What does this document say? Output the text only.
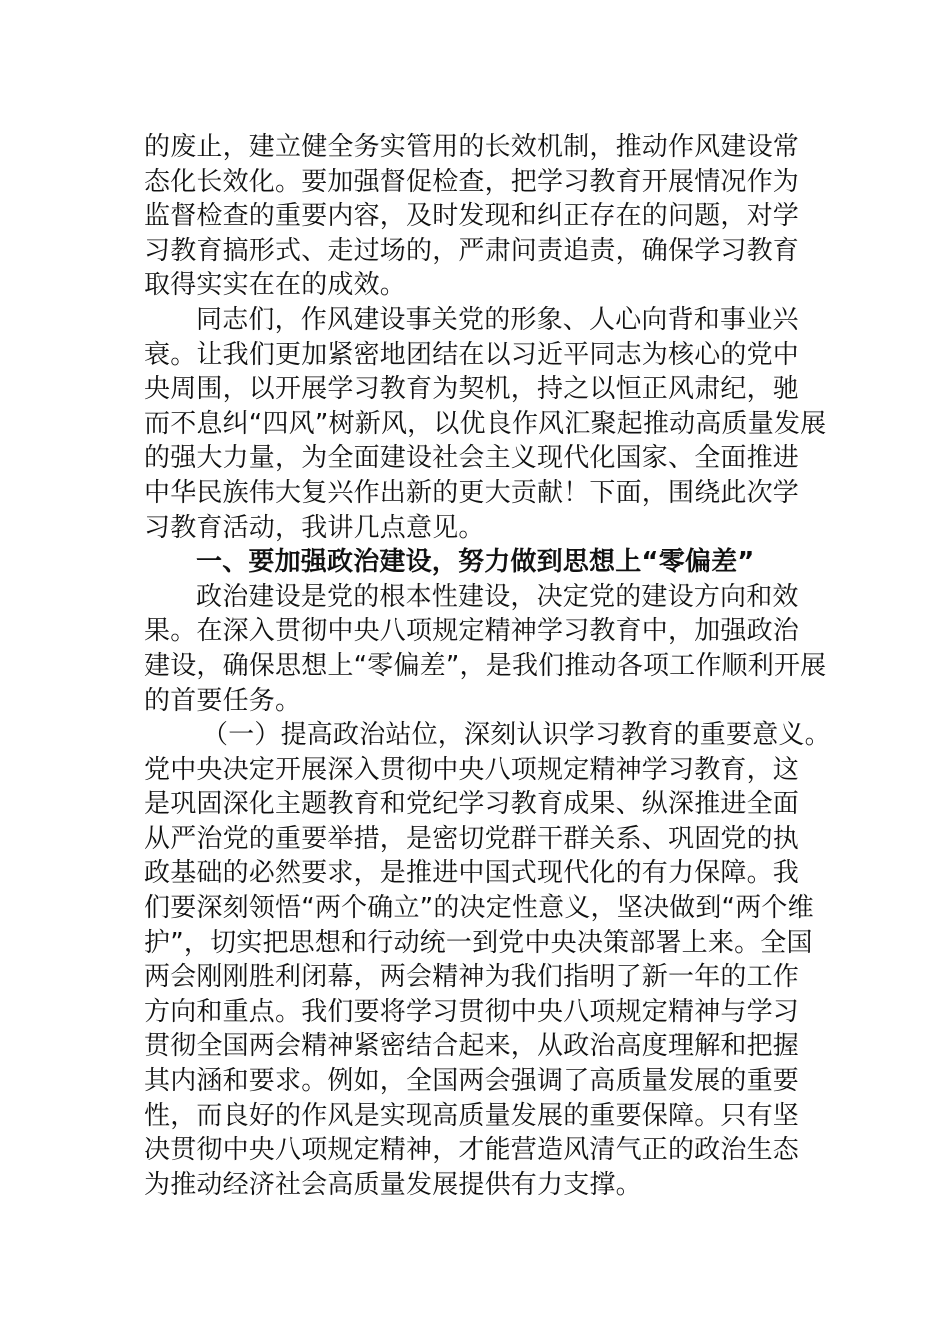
的废止，建立健全务实管用的长效机制，推动作风建设常
态化长效化。要加强督促检查，把学习教育开展情况作为
监督检查的重要内容，及时发现和纠正存在的问题，对学
习教育搞形式、走过场的，严肃问责追责，确保学习教育
取得实实在在的成效。
同志们，作风建设事关党的形象、人心向背和事业兴
衰。让我们更加紧密地团结在以习近平同志为核心的党中
央周围，以开展学习教育为契机，持之以恒正风肃纪，驰
而不息纠“四风”树新风，以优良作风汇聚起推动高质量发展
的强大力量，为全面建设社会主义现代化国家、全面推进
中华民族伟大复兴作出新的更大贡献！下面，围绕此次学
习教育活动，我讲几点意见。
一、要加强政治建设，努力做到思想上“零偏差”
政治建设是党的根本性建设，决定党的建设方向和效
果。在深入贯彻中央八项规定精神学习教育中，加强政治
建设，确保思想上“零偏差”，是我们推动各项工作顺利开展
的首要任务。
（一）提高政治站位，深刻认识学习教育的重要意义。
党中央决定开展深入贯彻中央八项规定精神学习教育，这
是巩固深化主题教育和党纪学习教育成果、纵深推进全面
从严治党的重要举措，是密切党群干群关系、巩固党的执
政基础的必然要求，是推进中国式现代化的有力保障。我
们要深刻领悟“两个确立”的决定性意义，坚决做到“两个维
护”，切实把思想和行动统一到党中央决策部署上来。全国
两会刚刚胜利闭幕，两会精神为我们指明了新一年的工作
方向和重点。我们要将学习贯彻中央八项规定精神与学习
贯彻全国两会精神紧密结合起来，从政治高度理解和把握
其内涵和要求。例如，全国两会强调了高质量发展的重要
性，而良好的作风是实现高质量发展的重要保障。只有坚
决贯彻中央八项规定精神，才能营造风清气正的政治生态
为推动经济社会高质量发展提供有力支撑。
